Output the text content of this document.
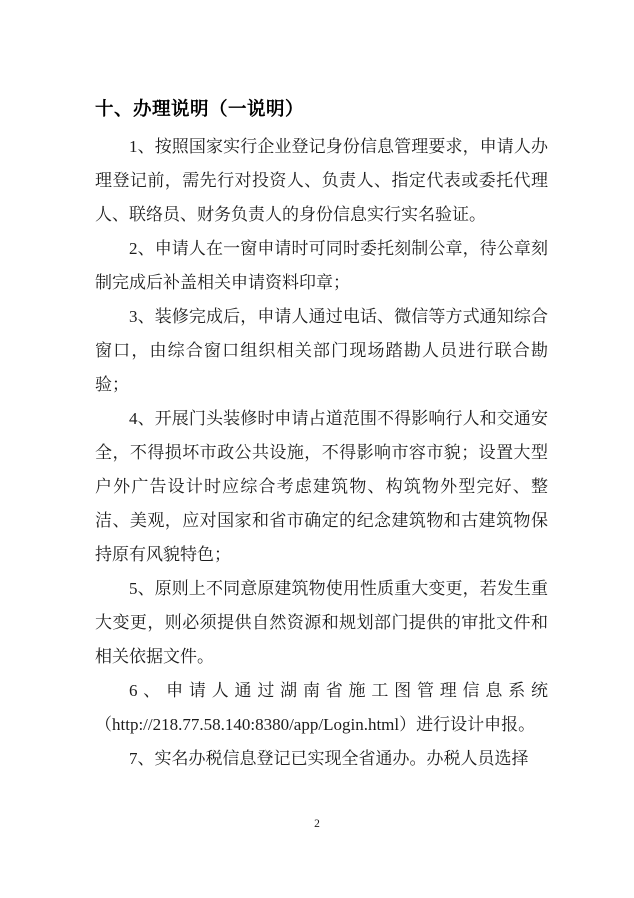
十、办理说明（一说明）

1、按照国家实行企业登记身份信息管理要求，申请人办理登记前，需先行对投资人、负责人、指定代表或委托代理人、联络员、财务负责人的身份信息实行实名验证。

2、申请人在一窗申请时可同时委托刻制公章，待公章刻制完成后补盖相关申请资料印章；

3、装修完成后，申请人通过电话、微信等方式通知综合窗口，由综合窗口组织相关部门现场踏勘人员进行联合勘验；

4、开展门头装修时申请占道范围不得影响行人和交通安全，不得损坏市政公共设施，不得影响市容市貌；设置大型户外广告设计时应综合考虑建筑物、构筑物外型完好、整洁、美观，应对国家和省市确定的纪念建筑物和古建筑物保持原有风貌特色；

5、原则上不同意原建筑物使用性质重大变更，若发生重大变更，则必须提供自然资源和规划部门提供的审批文件和相关依据文件。

6、申请人通过湖南省施工图管理信息系统（http://218.77.58.140:8380/app/Login.html）进行设计申报。

7、实名办税信息登记已实现全省通办。办税人员选择

2
